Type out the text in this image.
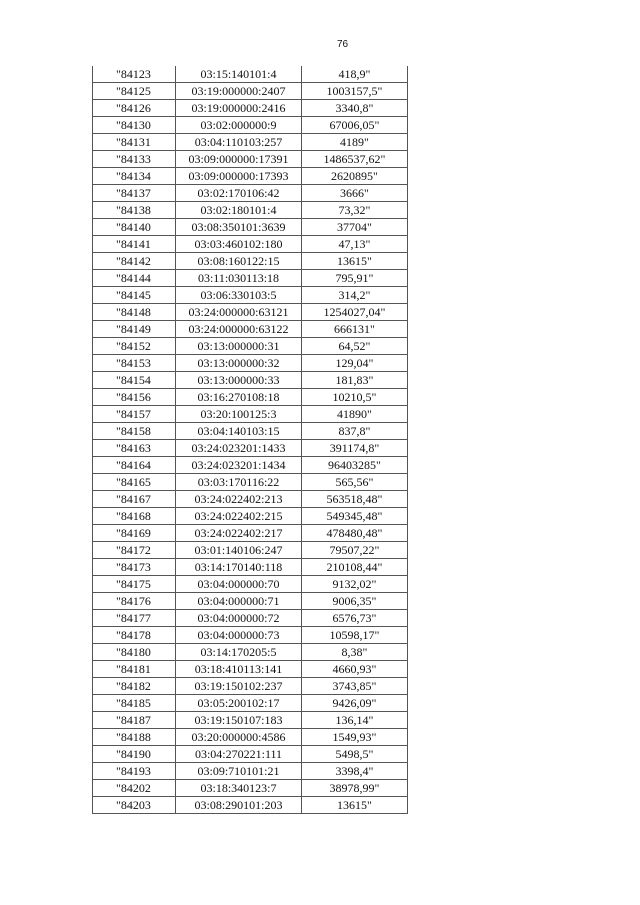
76
"84123	03:15:140101:4	418,9"
"84125	03:19:000000:2407	1003157,5"
"84126	03:19:000000:2416	3340,8"
"84130	03:02:000000:9	67006,05"
"84131	03:04:110103:257	4189"
"84133	03:09:000000:17391	1486537,62"
"84134	03:09:000000:17393	2620895"
"84137	03:02:170106:42	3666"
"84138	03:02:180101:4	73,32"
"84140	03:08:350101:3639	37704"
"84141	03:03:460102:180	47,13"
"84142	03:08:160122:15	13615"
"84144	03:11:030113:18	795,91"
"84145	03:06:330103:5	314,2"
"84148	03:24:000000:63121	1254027,04"
"84149	03:24:000000:63122	666131"
"84152	03:13:000000:31	64,52"
"84153	03:13:000000:32	129,04"
"84154	03:13:000000:33	181,83"
"84156	03:16:270108:18	10210,5"
"84157	03:20:100125:3	41890"
"84158	03:04:140103:15	837,8"
"84163	03:24:023201:1433	391174,8"
"84164	03:24:023201:1434	96403285"
"84165	03:03:170116:22	565,56"
"84167	03:24:022402:213	563518,48"
"84168	03:24:022402:215	549345,48"
"84169	03:24:022402:217	478480,48"
"84172	03:01:140106:247	79507,22"
"84173	03:14:170140:118	210108,44"
"84175	03:04:000000:70	9132,02"
"84176	03:04:000000:71	9006,35"
"84177	03:04:000000:72	6576,73"
"84178	03:04:000000:73	10598,17"
"84180	03:14:170205:5	8,38"
"84181	03:18:410113:141	4660,93"
"84182	03:19:150102:237	3743,85"
"84185	03:05:200102:17	9426,09"
"84187	03:19:150107:183	136,14"
"84188	03:20:000000:4586	1549,93"
"84190	03:04:270221:111	5498,5"
"84193	03:09:710101:21	3398,4"
"84202	03:18:340123:7	38978,99"
"84203	03:08:290101:203	13615"
